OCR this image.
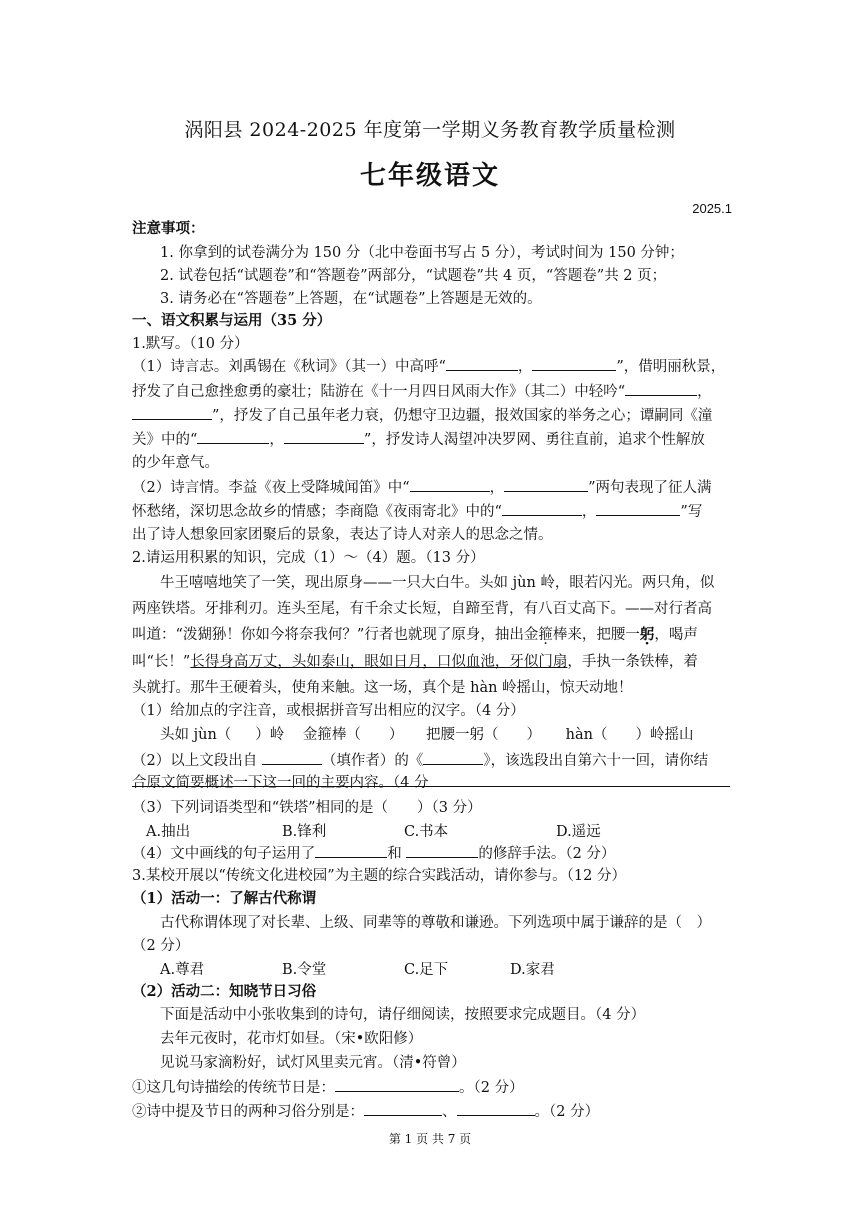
涡阳县 2024-2025 年度第一学期义务教育教学质量检测
七年级语文
2025.1
注意事项：
1. 你拿到的试卷满分为 150 分（北中卷面书写占 5 分），考试时间为 150 分钟；
2. 试卷包括“试题卷”和“答题卷”两部分，“试题卷”共 4 页，“答题卷”共 2 页；
3. 请务必在“答题卷”上答题，在“试题卷”上答题是无效的。
一、语文积累与运用（35 分）
1.默写。（10 分）
（1）诗言志。刘禹锡在《秋词》（其一）中高呼“	，	”，借明丽秋景，
抒发了自己愈挫愈勇的豪壮；陆游在《十一月四日风雨大作》（其二）中轻吟“	，
”，抒发了自己虽年老力衰，仍想守卫边疆，报效国家的举务之心；谭嗣同《潼
关》中的“	，	”，抒发诗人渴望冲决罗网、勇往直前，追求个性解放
的少年意气。
（2）诗言情。李益《夜上受降城闻笛》中“	，	”两句表现了征人满
怀愁绪，深切思念故乡的情感；李商隐《夜雨寄北》中的“	，	”写
出了诗人想象回家团聚后的景象，表达了诗人对亲人的思念之情。
2.请运用积累的知识，完成（1）～（4）题。（13 分）
牛王嘻嘻地笑了一笑，现出原身——一只大白牛。头如 jùn 岭，眼若闪光。两只角，似
两座铁塔。牙排利刃。连头至尾，有千余丈长短，自蹄至背，有八百丈高下。——对行者高
叫道：“泼猢狲！你如今将奈我何？”行者也就现了原身，抽出金箍棒来，把腰一躬，喝声
叫“长！”长得身高万丈，头如泰山，眼如日月，口似血池，牙似门扇，手执一条铁棒，着
头就打。那牛王硬着头，使角来触。这一场，真个是 hàn 岭摇山，惊天动地！
（1）给加点的字注音，或根据拼音写出相应的汉字。（4 分）
头如 jùn（ ）岭 金箍棒（ ） 把腰一躬（ ） hàn（ ）岭摇山
（2）以上文段出自	（填作者）的《	》，该选段出自第六十一回，请你结
合原文简要概述一下这一回的主要内容。（4 分
（3）下列词语类型和“铁塔”相同的是（　　）（3 分）
A.抽出	B.锋利	C.书本	D.遥远
（4）文中画线的句子运用了	和	的修辞手法。（2 分）
3.某校开展以“传统文化进校园”为主题的综合实践活动，请你参与。（12 分）
（1）活动一：了解古代称谓
古代称谓体现了对长辈、上级、同辈等的尊敬和谦逊。下列选项中属于谦辞的是（　）
（2 分）
A.尊君	B.令堂	C.足下	D.家君
（2）活动二：知晓节日习俗
下面是活动中小张收集到的诗句，请仔细阅读，按照要求完成题目。（4 分）
去年元夜时，花市灯如昼。（宋•欧阳修）
见说马家滴粉好，试灯风里卖元宵。（清•符曾）
①这几句诗描绘的传统节日是：	。（2 分）
②诗中提及节日的两种习俗分别是：	、	。（2 分）
第 1 页 共 7 页
